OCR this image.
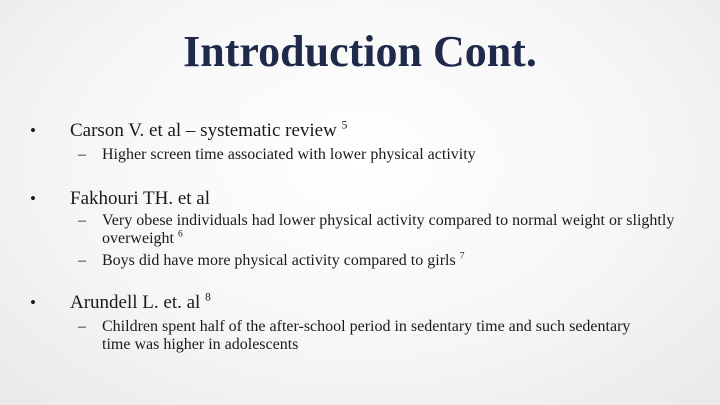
Introduction Cont.
• Carson V. et al – systematic review $^5$
–	Higher screen time associated with lower physical activity
• Fakhouri TH. et al
–	Very obese individuals had lower physical activity compared to normal weight or slightly overweight $^6$
–	Boys did have more physical activity compared to girls $^7$
• Arundell L. et. al $^8$
–	Children spent half of the after-school period in sedentary time and such sedentary time was higher in adolescents
